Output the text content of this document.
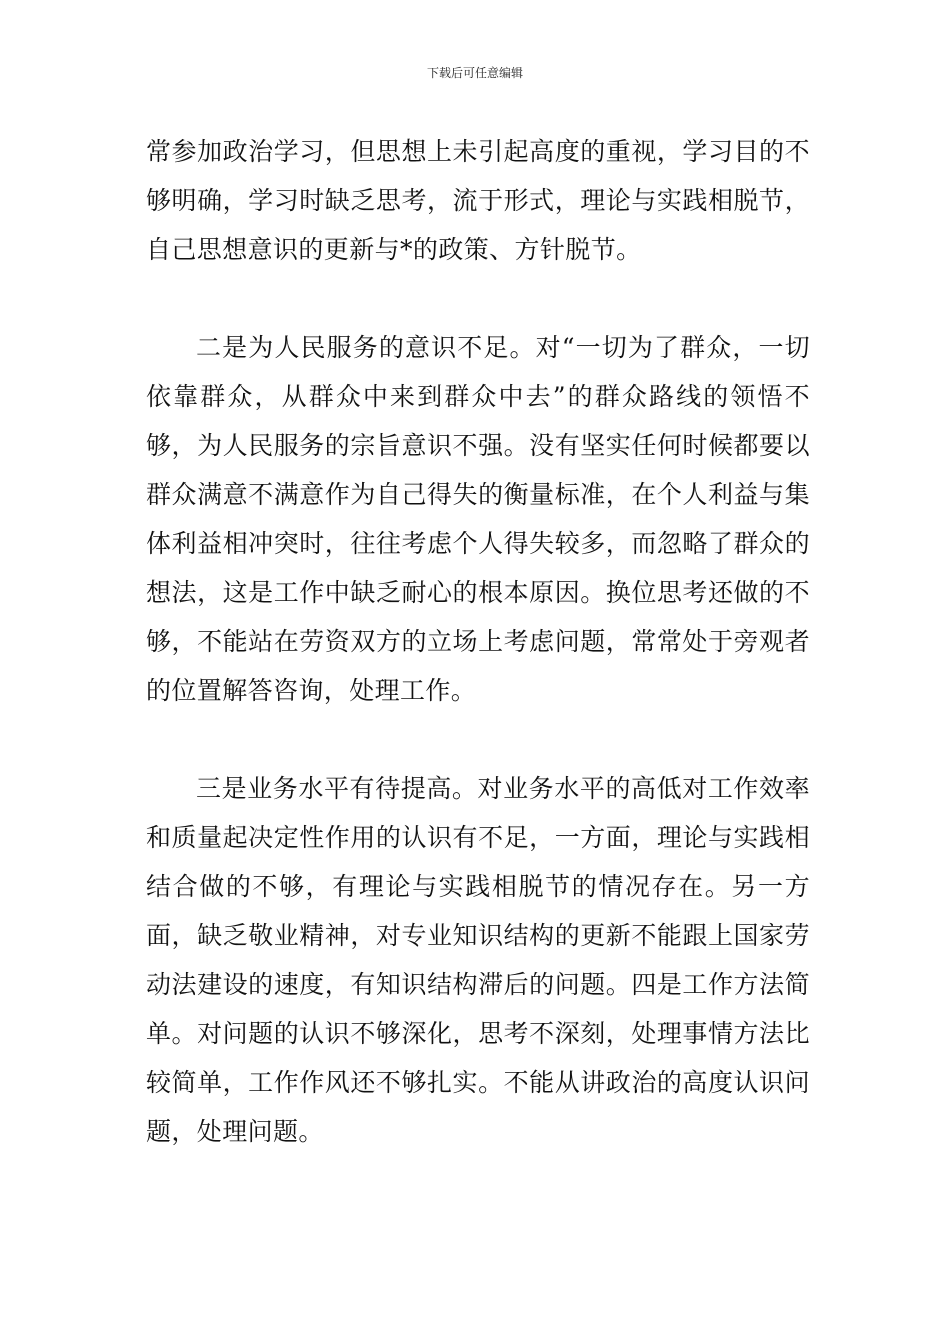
下载后可任意编辑

常参加政治学习，但思想上未引起高度的重视，学习目的不够明确，学习时缺乏思考，流于形式，理论与实践相脱节，自己思想意识的更新与*的政策、方针脱节。

二是为人民服务的意识不足。对“一切为了群众，一切依靠群众，从群众中来到群众中去”的群众路线的领悟不够，为人民服务的宗旨意识不强。没有坚实任何时候都要以群众满意不满意作为自己得失的衡量标准，在个人利益与集体利益相冲突时，往往考虑个人得失较多，而忽略了群众的想法，这是工作中缺乏耐心的根本原因。换位思考还做的不够，不能站在劳资双方的立场上考虑问题，常常处于旁观者的位置解答咨询，处理工作。

三是业务水平有待提高。对业务水平的高低对工作效率和质量起决定性作用的认识有不足，一方面，理论与实践相结合做的不够，有理论与实践相脱节的情况存在。另一方面，缺乏敬业精神，对专业知识结构的更新不能跟上国家劳动法建设的速度，有知识结构滞后的问题。四是工作方法简单。对问题的认识不够深化，思考不深刻，处理事情方法比较简单，工作作风还不够扎实。不能从讲政治的高度认识问题，处理问题。
